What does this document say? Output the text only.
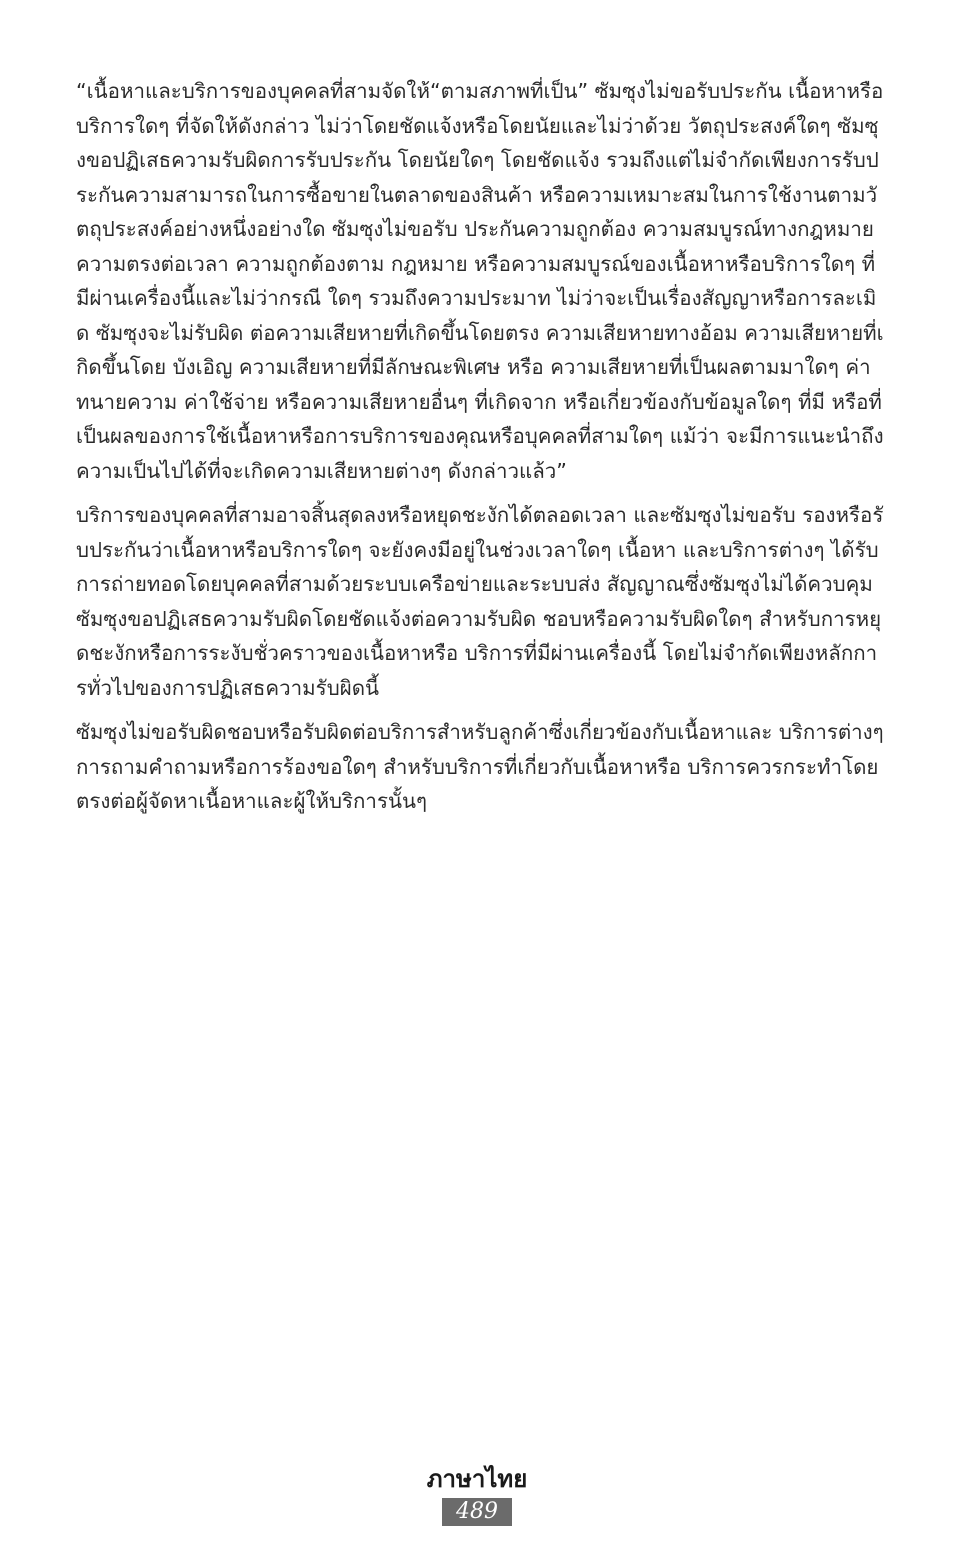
“เนื้อหาและบริการของบุคคลที่สามจัดให้“ตามสภาพที่เป็น” ซัมซุงไม่ขอรับประกัน เนื้อหาหรือบริการใดๆ ที่จัดให้ดังกล่าว ไม่ว่าโดยชัดแจ้งหรือโดยนัยและไม่ว่าด้วย วัตถุประสงค์ใดๆ ซัมซุงขอปฏิเสธความรับผิดการรับประกัน โดยนัยใดๆ โดยชัดแจ้ง รวมถึงแต่ไม่จำกัดเพียงการรับประกันความสามารถในการซื้อขายในตลาดของสินค้า หรือความเหมาะสมในการใช้งานตามวัตถุประสงค์อย่างหนึ่งอย่างใด ซัมซุงไม่ขอรับ ประกันความถูกต้อง ความสมบูรณ์ทางกฎหมาย ความตรงต่อเวลา ความถูกต้องตาม กฎหมาย หรือความสมบูรณ์ของเนื้อหาหรือบริการใดๆ ที่มีผ่านเครื่องนี้และไม่ว่ากรณี ใดๆ รวมถึงความประมาท ไม่ว่าจะเป็นเรื่องสัญญาหรือการละเมิด ซัมซุงจะไม่รับผิด ต่อความเสียหายที่เกิดขึ้นโดยตรง ความเสียหายทางอ้อม ความเสียหายที่เกิดขึ้นโดย บังเอิญ ความเสียหายที่มีลักษณะพิเศษ หรือ ความเสียหายที่เป็นผลตามมาใดๆ ค่า ทนายความ ค่าใช้จ่าย หรือความเสียหายอื่นๆ ที่เกิดจาก หรือเกี่ยวข้องกับข้อมูลใดๆ ที่มี หรือที่เป็นผลของการใช้เนื้อหาหรือการบริการของคุณหรือบุคคลที่สามใดๆ แม้ว่า จะมีการแนะนำถึงความเป็นไปได้ที่จะเกิดความเสียหายต่างๆ ดังกล่าวแล้ว”

บริการของบุคคลที่สามอาจสิ้นสุดลงหรือหยุดชะงักได้ตลอดเวลา และซัมซุงไม่ขอรับ รองหรือรับประกันว่าเนื้อหาหรือบริการใดๆ จะยังคงมีอยู่ในช่วงเวลาใดๆ เนื้อหา และบริการต่างๆ ได้รับการถ่ายทอดโดยบุคคลที่สามด้วยระบบเครือข่ายและระบบส่ง สัญญาณซึ่งซัมซุงไม่ได้ควบคุม ซัมซุงขอปฏิเสธความรับผิดโดยชัดแจ้งต่อความรับผิด ชอบหรือความรับผิดใดๆ สำหรับการหยุดชะงักหรือการระงับชั่วคราวของเนื้อหาหรือ บริการที่มีผ่านเครื่องนี้ โดยไม่จำกัดเพียงหลักการทั่วไปของการปฏิเสธความรับผิดนี้

ซัมซุงไม่ขอรับผิดชอบหรือรับผิดต่อบริการสำหรับลูกค้าซึ่งเกี่ยวข้องกับเนื้อหาและ บริการต่างๆ การถามคำถามหรือการร้องขอใดๆ สำหรับบริการที่เกี่ยวกับเนื้อหาหรือ บริการควรกระทำโดยตรงต่อผู้จัดหาเนื้อหาและผู้ให้บริการนั้นๆ

ภาษาไทย
489
